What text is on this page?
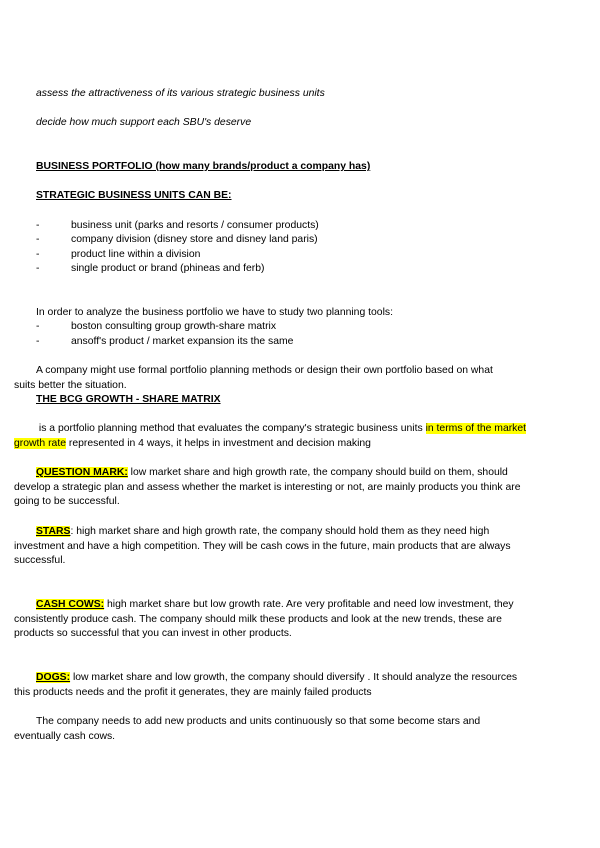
assess the attractiveness of its various strategic business units
decide how much support each SBU's deserve
BUSINESS PORTFOLIO (how many brands/product a company has)
STRATEGIC BUSINESS UNITS CAN BE:
-	business unit (parks and resorts / consumer products)
-	company division (disney store and disney land paris)
-	product line within a division
-	single product or brand (phineas and ferb)
In order to analyze the business portfolio we have to study two planning tools:
-	boston consulting group growth-share matrix
-	ansoff's product / market expansion its the same
A company might use formal portfolio planning methods or design their own portfolio based on what
suits better the situation.
THE BCG GROWTH - SHARE MATRIX
is a portfolio planning method that evaluates the company's strategic business units in terms of the market growth rate represented in 4 ways, it helps in investment and decision making
QUESTION MARK: low market share and high growth rate, the company should build on them, should develop a strategic plan and assess whether the market is interesting or not, are mainly products you think are going to be successful.
STARS: high market share and high growth rate, the company should hold them as they need high investment and have a high competition. They will be cash cows in the future, main products that are always successful.
CASH COWS: high market share but low growth rate. Are very profitable and need low investment, they consistently produce cash. The company should milk these products and look at the new trends, these are products so successful that you can invest in other products.
DOGS: low market share and low growth, the company should diversify . It should analyze the resources this products needs and the profit it generates, they are mainly failed products
The company needs to add new products and units continuously so that some become stars and eventually cash cows.
